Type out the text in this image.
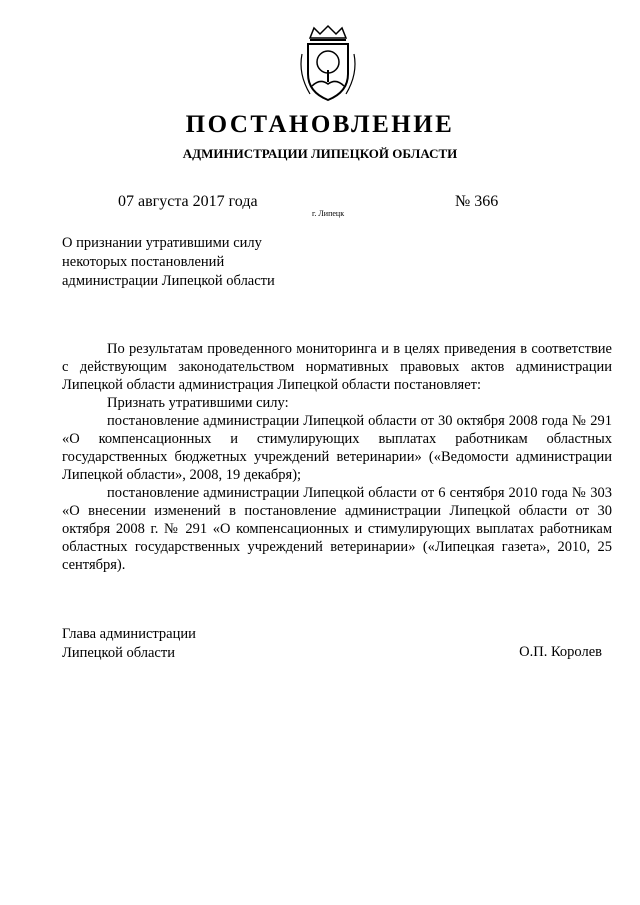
ПОСТАНОВЛЕНИЕ
АДМИНИСТРАЦИИ ЛИПЕЦКОЙ ОБЛАСТИ
07 августа 2017 года
г. Липецк
№ 366
О признании утратившими силу
некоторых постановлений
администрации Липецкой области

По результатам проведенного мониторинга и в целях приведения в соответствие с действующим законодательством нормативных правовых актов администрации Липецкой области администрация Липецкой области постановляет:

Признать утратившими силу:

постановление администрации Липецкой области от 30 октября 2008 года № 291 «О компенсационных и стимулирующих выплатах работникам областных государственных бюджетных учреждений ветеринарии» («Ведомости администрации Липецкой области», 2008, 19 декабря);

постановление администрации Липецкой области от 6 сентября 2010 года № 303 «О внесении изменений в постановление администрации Липецкой области от 30 октября 2008 г. № 291 «О компенсационных и стимулирующих выплатах работникам областных государственных учреждений ветеринарии» («Липецкая газета», 2010, 25 сентября).

Глава администрации
Липецкой области	О.П. Королев
